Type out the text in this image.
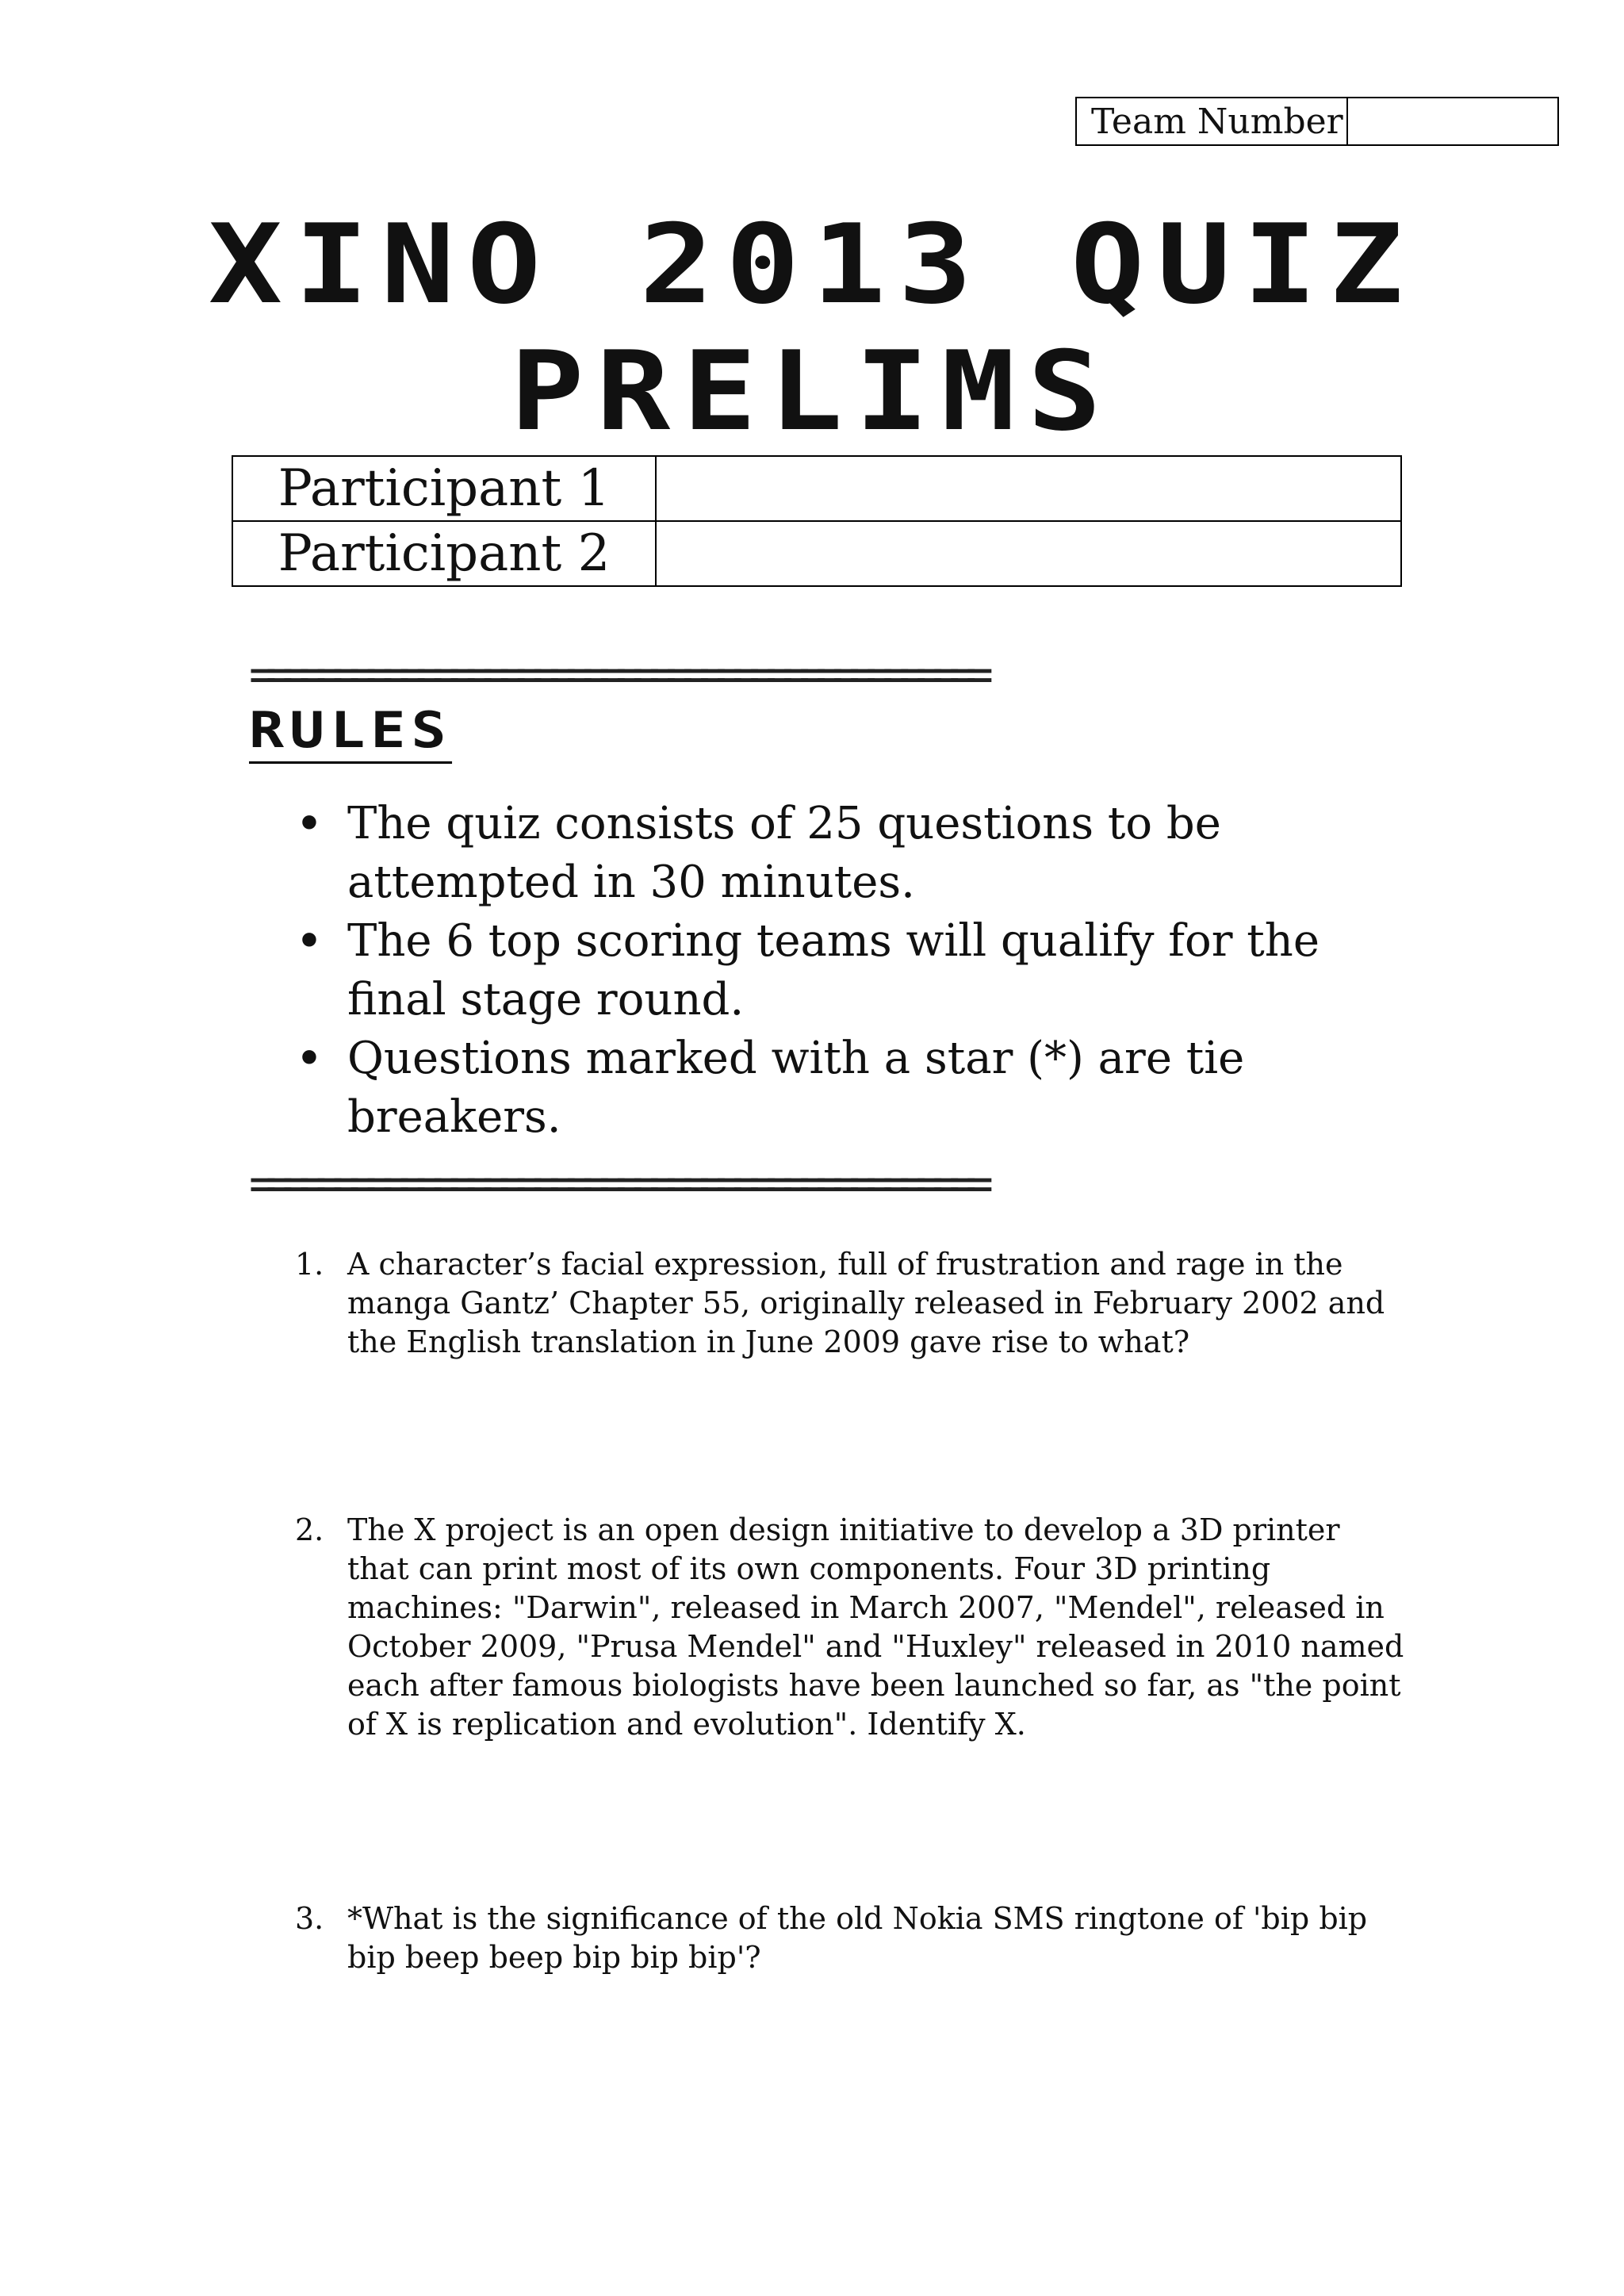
Team Number
XINO 2013 QUIZ
PRELIMS
Participant 1	
Participant 2	
============================================
RULES
• The quiz consists of 25 questions to be attempted in 30 minutes.
• The 6 top scoring teams will qualify for the final stage round.
• Questions marked with a star (*) are tie breakers.
============================================
1. A character’s facial expression, full of frustration and rage in the manga Gantz’ Chapter 55, originally released in February 2002 and the English translation in June 2009 gave rise to what?
2. The X project is an open design initiative to develop a 3D printer that can print most of its own components. Four 3D printing machines: "Darwin", released in March 2007, "Mendel", released in October 2009, "Prusa Mendel" and "Huxley" released in 2010 named each after famous biologists have been launched so far, as "the point of X is replication and evolution". Identify X.
3. *What is the significance of the old Nokia SMS ringtone of 'bip bip bip beep beep bip bip bip'?
